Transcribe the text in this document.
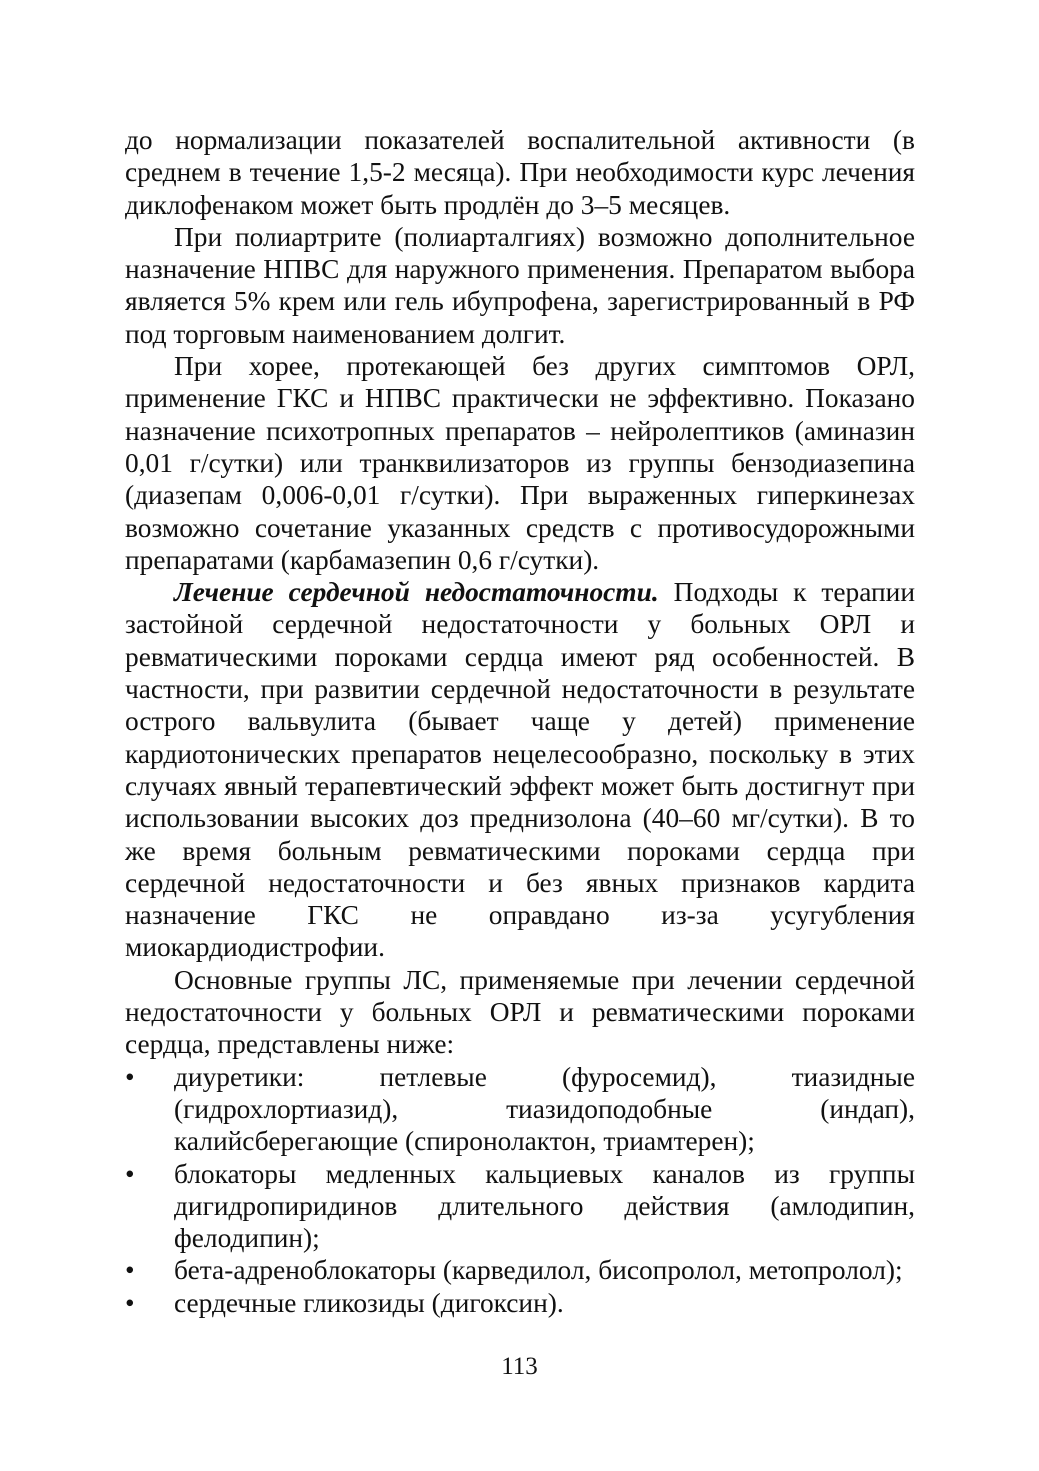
до нормализации показателей воспалительной активности (в среднем в течение 1,5-2 месяца). При необходимости курс лечения диклофенаком может быть продлён до 3–5 месяцев.

При полиартрите (полиарталгиях) возможно дополнительное назначение НПВС для наружного применения. Препаратом выбора является 5% крем или гель ибупрофена, зарегистрированный в РФ под торговым наименованием долгит.

При хорее, протекающей без других симптомов ОРЛ, применение ГКС и НПВС практически не эффективно. Показано назначение психотропных препаратов – нейролептиков (аминазин 0,01 г/сутки) или транквилизаторов из группы бензодиазепина (диазепам 0,006-0,01 г/сутки). При выраженных гиперкинезах возможно сочетание указанных средств с противосудорожными препаратами (карбамазепин 0,6 г/сутки).

Лечение сердечной недостаточности. Подходы к терапии застойной сердечной недостаточности у больных ОРЛ и ревматическими пороками сердца имеют ряд особенностей. В частности, при развитии сердечной недостаточности в результате острого вальвулита (бывает чаще у детей) применение кардиотонических препаратов нецелесообразно, поскольку в этих случаях явный терапевтический эффект может быть достигнут при использовании высоких доз преднизолона (40–60 мг/сутки). В то же время больным ревматическими пороками сердца при сердечной недостаточности и без явных признаков кардита назначение ГКС не оправдано из-за усугубления миокардиодистрофии.

Основные группы ЛС, применяемые при лечении сердечной недостаточности у больных ОРЛ и ревматическими пороками сердца, представлены ниже:

• диуретики: петлевые (фуросемид), тиазидные (гидрохлортиазид), тиазидоподобные (индап), калийсберегающие (спиронолактон, триамтерен);
• блокаторы медленных кальциевых каналов из группы дигидропиридинов длительного действия (амлодипин, фелодипин);
• бета-адреноблокаторы (карведилол, бисопролол, метопролол);
• сердечные гликозиды (дигоксин).
113
